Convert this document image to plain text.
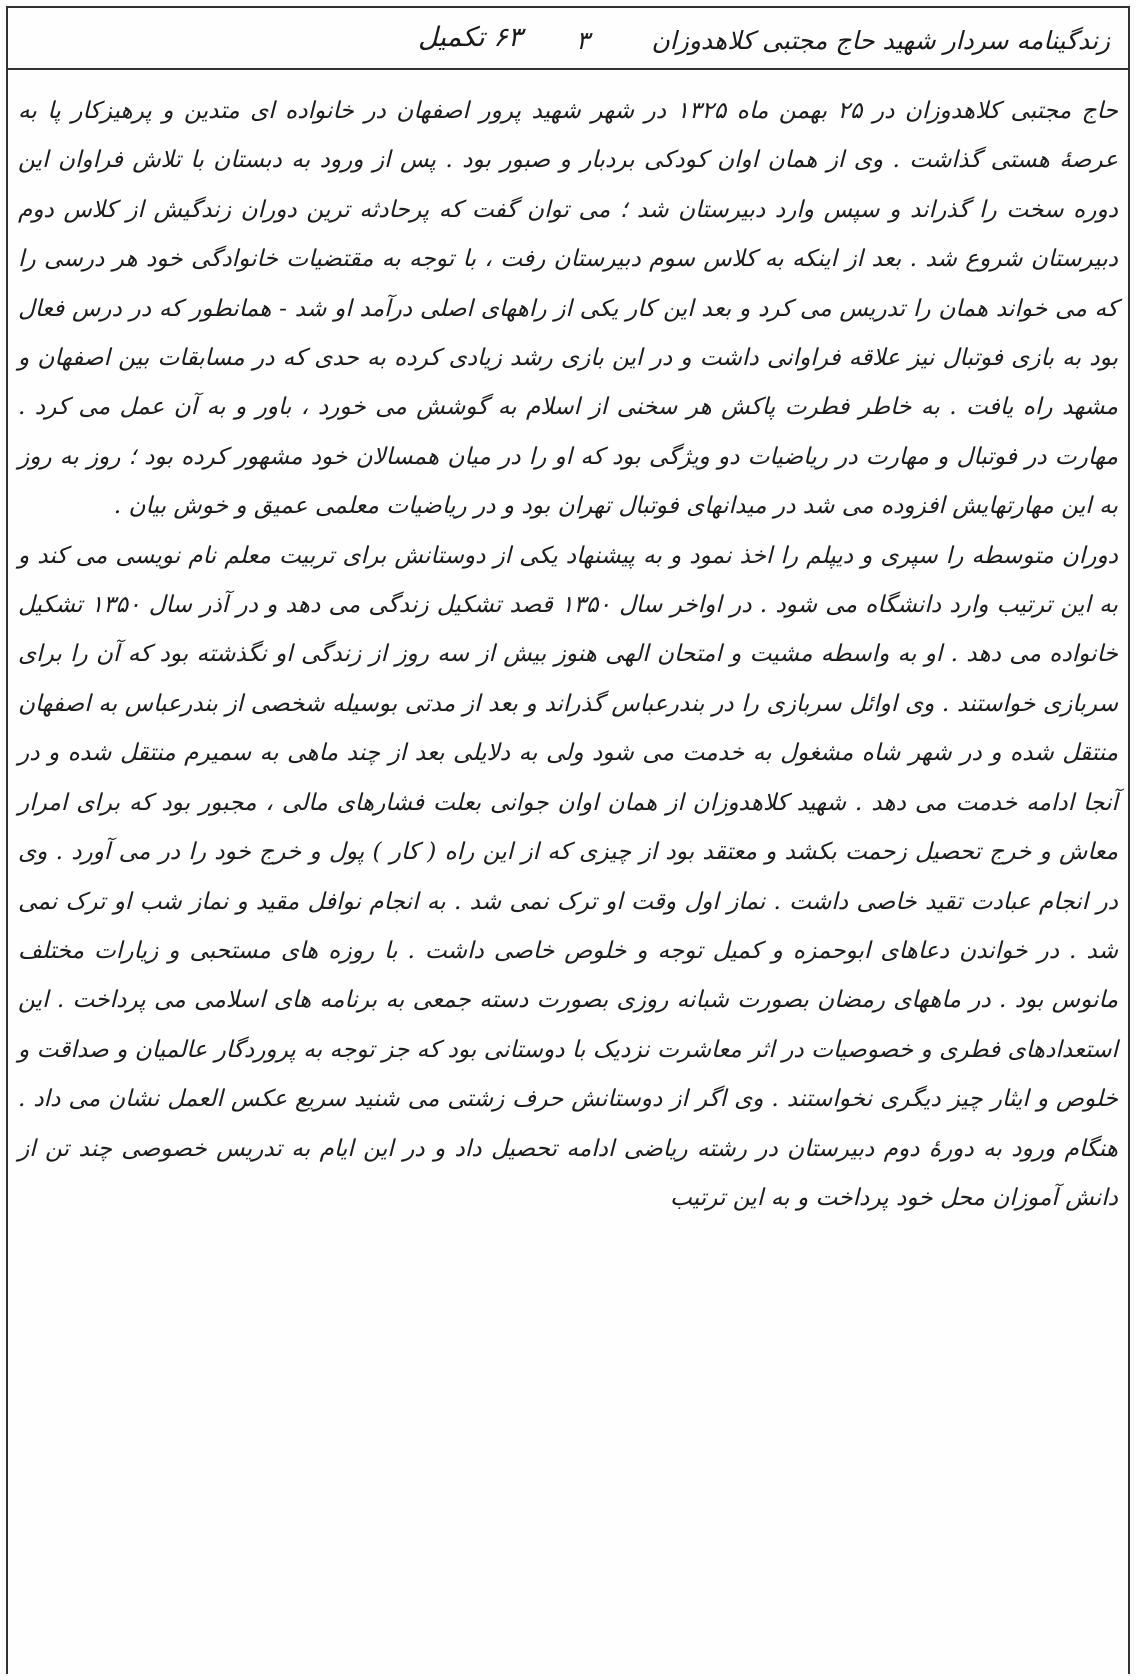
زندگینامه سردار شهید حاج مجتبی کلاهدوزان
۳
۶۳ تکمیل

حاج مجتبی کلاهدوزان در ۲۵ بهمن ماه ۱۳۲۵ در شهر شهید پرور اصفهان در خانواده ای متدین و پرهیزکار پا به عرصهٔ هستی گذاشت . وی از همان اوان کودکی بردبار و صبور بود . پس از ورود به دبستان با تلاش فراوان این دوره سخت را گذراند و سپس وارد دبیرستان شد ؛ می توان گفت که پرحادثه ترین دوران زندگیش از کلاس دوم دبیرستان شروع شد . بعد از اینکه به کلاس سوم دبیرستان رفت ، با توجه به مقتضیات خانوادگی خود هر درسی را که می خواند همان را تدریس می کرد و بعد این کار یکی از راههای اصلی درآمد او شد - همانطور که در درس فعال بود به بازی فوتبال نیز علاقه فراوانی داشت و در این بازی رشد زیادی کرده به حدی که در مسابقات بین اصفهان و مشهد راه یافت . به خاطر فطرت پاکش هر سخنی از اسلام به گوشش می خورد ، باور و به آن عمل می کرد . مهارت در فوتبال و مهارت در ریاضیات دو ویژگی بود که او را در میان همسالان خود مشهور کرده بود ؛ روز به روز به این مهارتهایش افزوده می شد در میدانهای فوتبال تهران بود و در ریاضیات معلمی عمیق و خوش بیان .

دوران متوسطه را سپری و دیپلم را اخذ نمود و به پیشنهاد یکی از دوستانش برای تربیت معلم نام نویسی می کند و به این ترتیب وارد دانشگاه می شود . در اواخر سال ۱۳۵۰ قصد تشکیل زندگی می دهد و در آذر سال ۱۳۵۰ تشکیل خانواده می دهد . او به واسطه مشیت و امتحان الهی هنوز بیش از سه روز از زندگی او نگذشته بود که آن را برای سربازی خواستند . وی اوائل سربازی را در بندرعباس گذراند و بعد از مدتی بوسیله شخصی از بندرعباس به اصفهان منتقل شده و در شهر شاه مشغول به خدمت می شود ولی به دلایلی بعد از چند ماهی به سمیرم منتقل شده و در آنجا ادامه خدمت می دهد . شهید کلاهدوزان از همان اوان جوانی بعلت فشارهای مالی ، مجبور بود که برای امرار معاش و خرج تحصیل زحمت بکشد و معتقد بود از چیزی که از این راه ( کار ) پول و خرج خود را در می آورد . وی در انجام عبادت تقید خاصی داشت . نماز اول وقت او ترک نمی شد . به انجام نوافل مقید و نماز شب او ترک نمی شد . در خواندن دعاهای ابوحمزه و کمیل توجه و خلوص خاصی داشت . با روزه های مستحبی و زیارات مختلف مانوس بود . در ماههای رمضان بصورت شبانه روزی بصورت دسته جمعی به برنامه های اسلامی می پرداخت . این استعدادهای فطری و خصوصیات در اثر معاشرت نزدیک با دوستانی بود که جز توجه به پروردگار عالمیان و صداقت و خلوص و ایثار چیز دیگری نخواستند . وی اگر از دوستانش حرف زشتی می شنید سریع عکس العمل نشان می داد . هنگام ورود به دورهٔ دوم دبیرستان در رشته ریاضی ادامه تحصیل داد و در این ایام به تدریس خصوصی چند تن از دانش آموزان محل خود پرداخت و به این ترتیب
